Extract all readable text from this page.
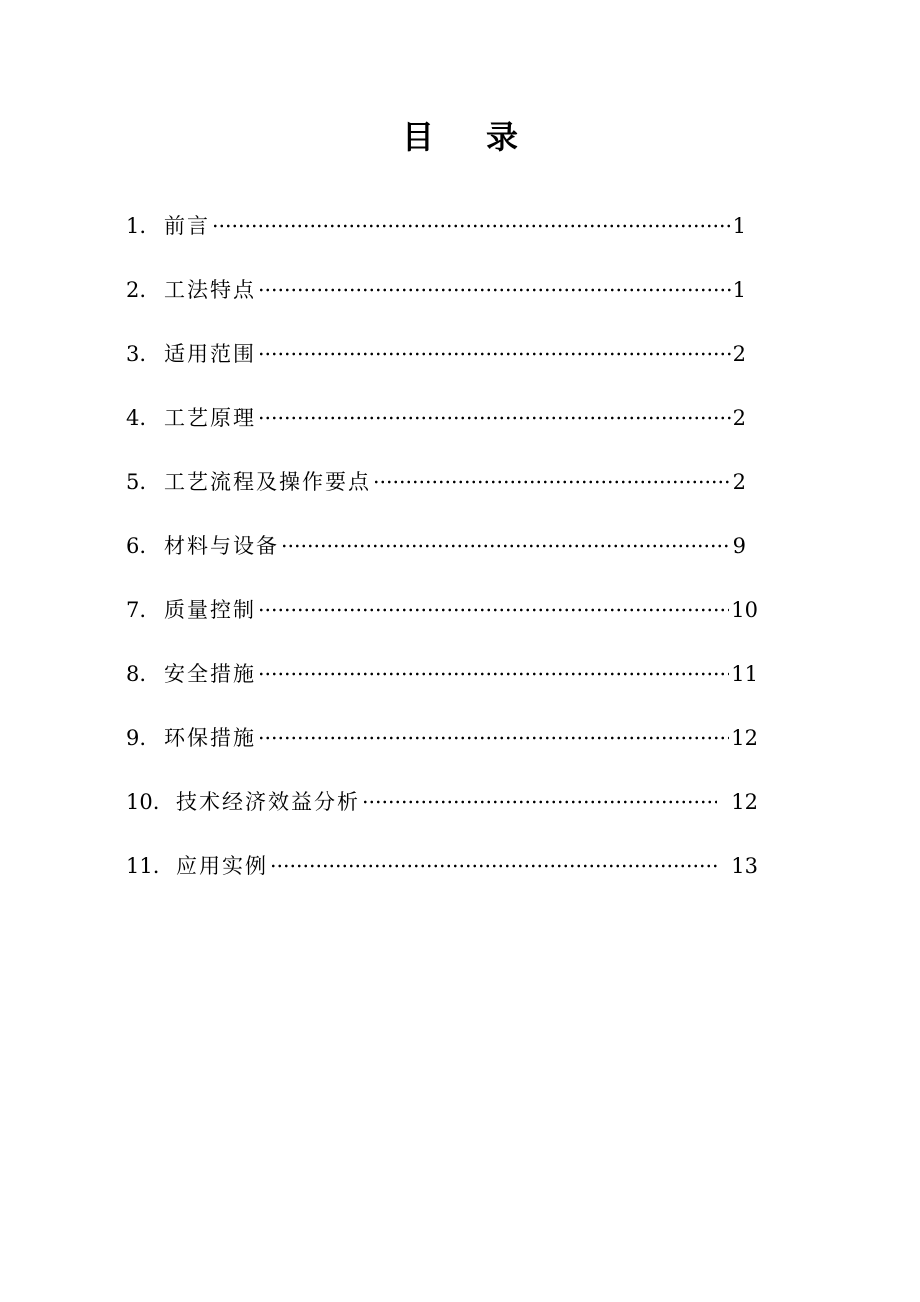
目 录
1. 前言	1
2. 工法特点	1
3. 适用范围	2
4. 工艺原理	2
5. 工艺流程及操作要点	2
6. 材料与设备	9
7. 质量控制	10
8. 安全措施	11
9. 环保措施	12
10. 技术经济效益分析	12
11. 应用实例	13
